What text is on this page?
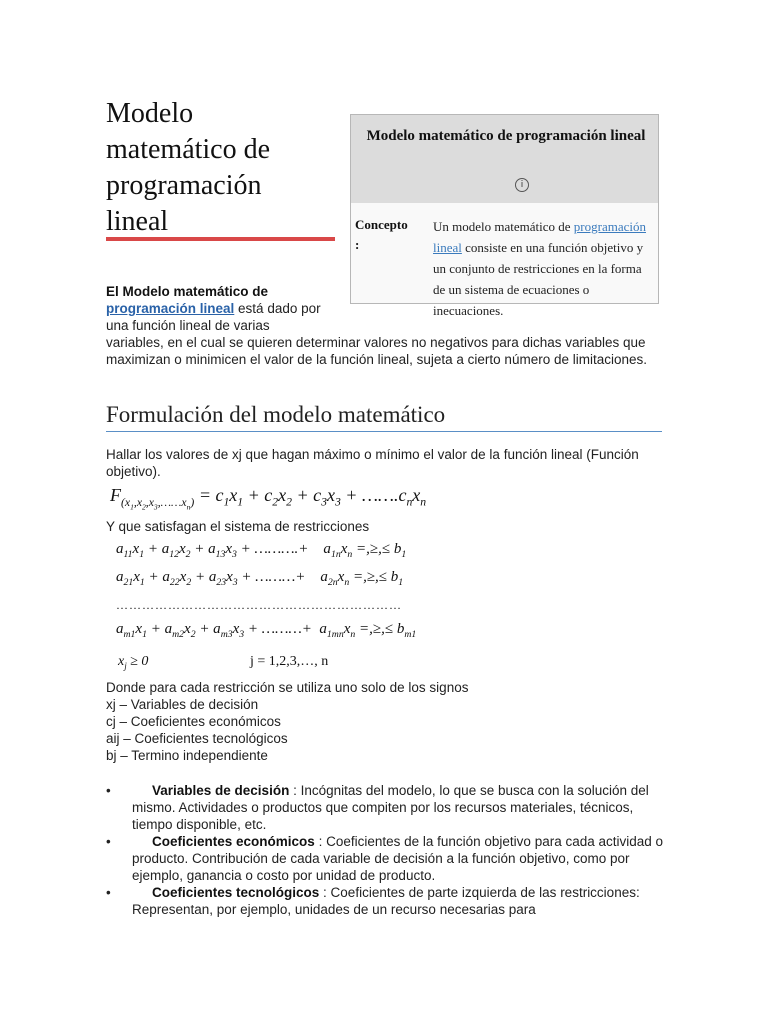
Modelo
matemático de
programación
lineal
Modelo matemático de programación lineal
i
Concepto :
Un modelo matemático de programación lineal consiste en una función objetivo y un conjunto de restricciones en la forma de un sistema de ecuaciones o inecuaciones.
El Modelo matemático de programación lineal está dado por una función lineal de varias
variables, en el cual se quieren determinar valores no negativos para dichas variables que maximizan o minimicen el valor de la función lineal, sujeta a cierto número de limitaciones.
Formulación del modelo matemático
Hallar los valores de xj que hagan máximo o mínimo el valor de la función lineal (Función objetivo).
$F_{(x_1,x_2,x_3,\dots\dots x_n)} = c_1x_1 + c_2x_2 + c_3x_3$ + $\dots\dots.c_nx_n$
Y que satisfagan el sistema de restricciones
$a_{11}x_1 + a_{12}x_2 + a_{13}x_3$ + ……….+    $a_{1n}x_n$ =,≥,≤ $b_1$
$a_{21}x_1 + a_{22}x_2 + a_{23}x_3$ + ………+    $a_{2n}x_n$ =,≥,≤ $b_1$
…………………………………………………………
$a_{m1}x_1 + a_{m2}x_2 + a_{m3}x_3$ + ………+  $a_{1mn}x_n$ =,≥,≤ $b_{m1}$
$x_j \ge 0$	j = 1,2,3,…, n
Donde para cada restricción se utiliza uno solo de los signos
xj – Variables de decisión
cj – Coeficientes económicos
aij – Coeficientes tecnológicos
bj – Termino independiente
•	Variables de decisión : Incógnitas del modelo, lo que se busca con la solución del mismo. Actividades o productos que compiten por los recursos materiales, técnicos, tiempo disponible, etc.
•	Coeficientes económicos : Coeficientes de la función objetivo para cada actividad o producto. Contribución de cada variable de decisión a la función objetivo, como por ejemplo, ganancia o costo por unidad de producto.
•	Coeficientes tecnológicos : Coeficientes de parte izquierda de las restricciones: Representan, por ejemplo, unidades de un recurso necesarias para
